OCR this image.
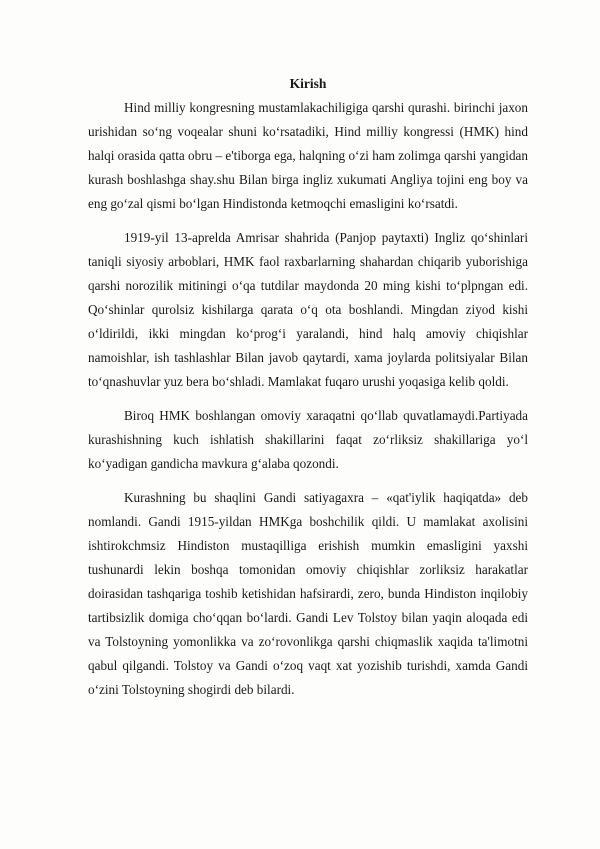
Kirish

Hind milliy kongresning mustamlakachiligiga qarshi qurashi. birinchi jaxon urishidan so‘ng voqealar shuni ko‘rsatadiki, Hind milliy kongressi (HMK) hind halqi orasida qatta obru – e'tiborga ega, halqning o‘zi ham zolimga qarshi yangidan kurash boshlashga shay.shu Bilan birga ingliz xukumati Angliya tojini eng boy va eng go‘zal qismi bo‘lgan Hindistonda ketmoqchi emasligini ko‘rsatdi.

1919-yil 13-aprelda Amrisar shahrida (Panjop paytaxti) Ingliz qo‘shinlari taniqli siyosiy arboblari, HMK faol raxbarlarning shahardan chiqarib yuborishiga qarshi norozilik mitiningi o‘qa tutdilar maydonda 20 ming kishi to‘plpngan edi. Qo‘shinlar qurolsiz kishilarga qarata o‘q ota boshlandi. Mingdan ziyod kishi o‘ldirildi, ikki mingdan ko‘prog‘i yaralandi, hind halq amoviy chiqishlar namoishlar, ish tashlashlar Bilan javob qaytardi, xama joylarda politsiyalar Bilan to‘qnashuvlar yuz bera bo‘shladi. Mamlakat fuqaro urushi yoqasiga kelib qoldi.

Biroq HMK boshlangan omoviy xaraqatni qo‘llab quvatlamaydi.Partiyada kurashishning kuch ishlatish shakillarini faqat zo‘rliksiz shakillariga yo‘l ko‘yadigan gandicha mavkura g‘alaba qozondi.

Kurashning bu shaqlini Gandi satiyagaxra – «qat'iylik haqiqatda» deb nomlandi. Gandi 1915-yildan HMKga boshchilik qildi. U mamlakat axolisini ishtirokchmsiz Hindiston mustaqilliga erishish mumkin emasligini yaxshi tushunardi lekin boshqa tomonidan omoviy chiqishlar zorliksiz harakatlar doirasidan tashqariga toshib ketishidan hafsirardi, zero, bunda Hindiston inqilobiy tartibsizlik domiga cho‘qqan bo‘lardi. Gandi Lev Tolstoy bilan yaqin aloqada edi va Tolstoyning yomonlikka va zo‘rovonlikga qarshi chiqmaslik xaqida ta'limotni qabul qilgandi. Tolstoy va Gandi o‘zoq vaqt xat yozishib turishdi, xamda Gandi o‘zini Tolstoyning shogirdi deb bilardi.
